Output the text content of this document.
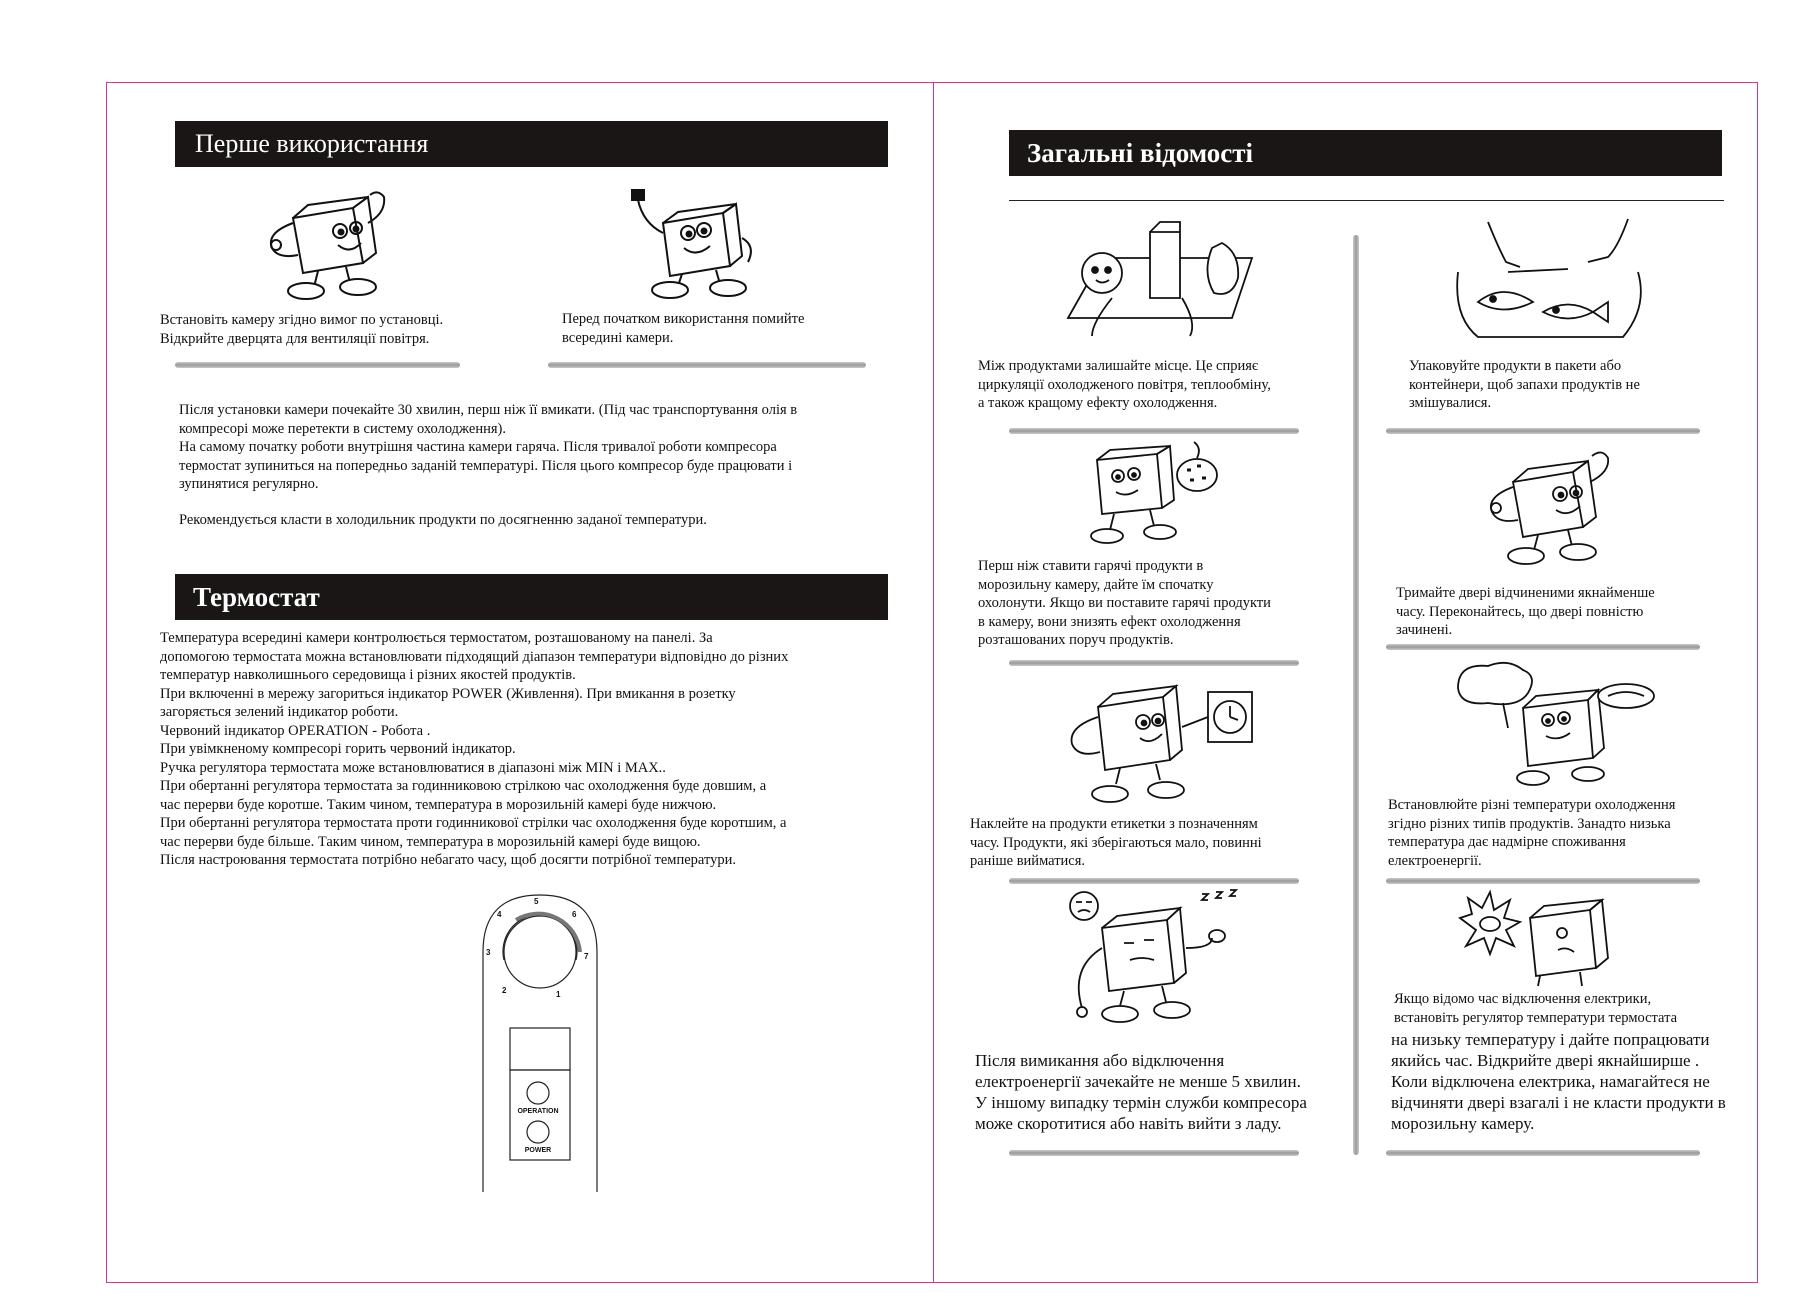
Перше використання
Встановіть камеру згідно вимог по установці.
Відкрийте дверцята для вентиляції повітря.
Перед початком використання помийте
всередині камери.
Після установки камери почекайте 30 хвилин, перш ніж її вмикати. (Під час транспортування олія в
компресорі може перетекти в систему охолодження).
На самому початку роботи внутрішня частина камери гаряча. Після тривалої роботи компресора
термостат зупиниться на попередньо заданій температурі. Після цього компресор буде працювати і
зупинятися регулярно.
Рекомендується класти в холодильник продукти по досягненню заданої температури.
Термостат
Температура всередині камери контролюється термостатом, розташованому на панелі. За
допомогою термостата можна встановлювати підходящий діапазон температури відповідно до різних
температур навколишнього середовища і різних якостей продуктів.
При включенні в мережу загориться індикатор POWER (Живлення). При вмикання в розетку
загоряється зелений індикатор роботи.
Червоний індикатор OPERATION - Робота .
При увімкненому компресорі горить червоний індикатор.
Ручка регулятора термостата може встановлюватися в діапазоні між MIN і MAX..
При обертанні регулятора термостата за годинниковою стрілкою час охолодження буде довшим, а
час перерви буде коротше. Таким чином, температура в морозильній камері буде нижчою.
При обертанні регулятора термостата проти годинникової стрілки час охолодження буде коротшим, а
час перерви буде більше. Таким чином, температура в морозильній камері буде вищою.
Після настроювання термостата потрібно небагато часу, щоб досягти потрібної температури.
1
2
3
4
5
6
7
OPERATION
POWER
Загальні відомості
Між продуктами залишайте місце. Це сприяє
циркуляції охолодженого повітря, теплообміну,
а також кращому ефекту охолодження.
Упаковуйте продукти в пакети або
контейнери, щоб запахи продуктів не
змішувалися.
Перш ніж ставити гарячі продукти в
морозильну камеру, дайте їм спочатку
охолонути. Якщо ви поставите гарячі продукти
в камеру, вони знизять ефект охолодження
розташованих поруч продуктів.
Тримайте двері відчиненими якнайменше
часу. Переконайтесь, що двері повністю
зачинені.
Наклейте на продукти етикетки з позначенням
часу. Продукти, які зберігаються мало, повинні
раніше вийматися.
Встановлюйте різні температури охолодження
згідно різних типів продуктів. Занадто низька
температура дає надмірне споживання
електроенергії.
Після вимикання або відключення
електроенергії зачекайте не менше 5 хвилин.
У іншому випадку термін служби компресора
може скоротитися або навіть вийти з ладу.
Якщо відомо час відключення електрики,
встановіть регулятор температури термостата
на низьку температуру і дайте попрацювати
якийсь час. Відкрийте двері якнайширше .
Коли відключена електрика, намагайтеся не
відчиняти двері взагалі і не класти продукти в
морозильну камеру.
